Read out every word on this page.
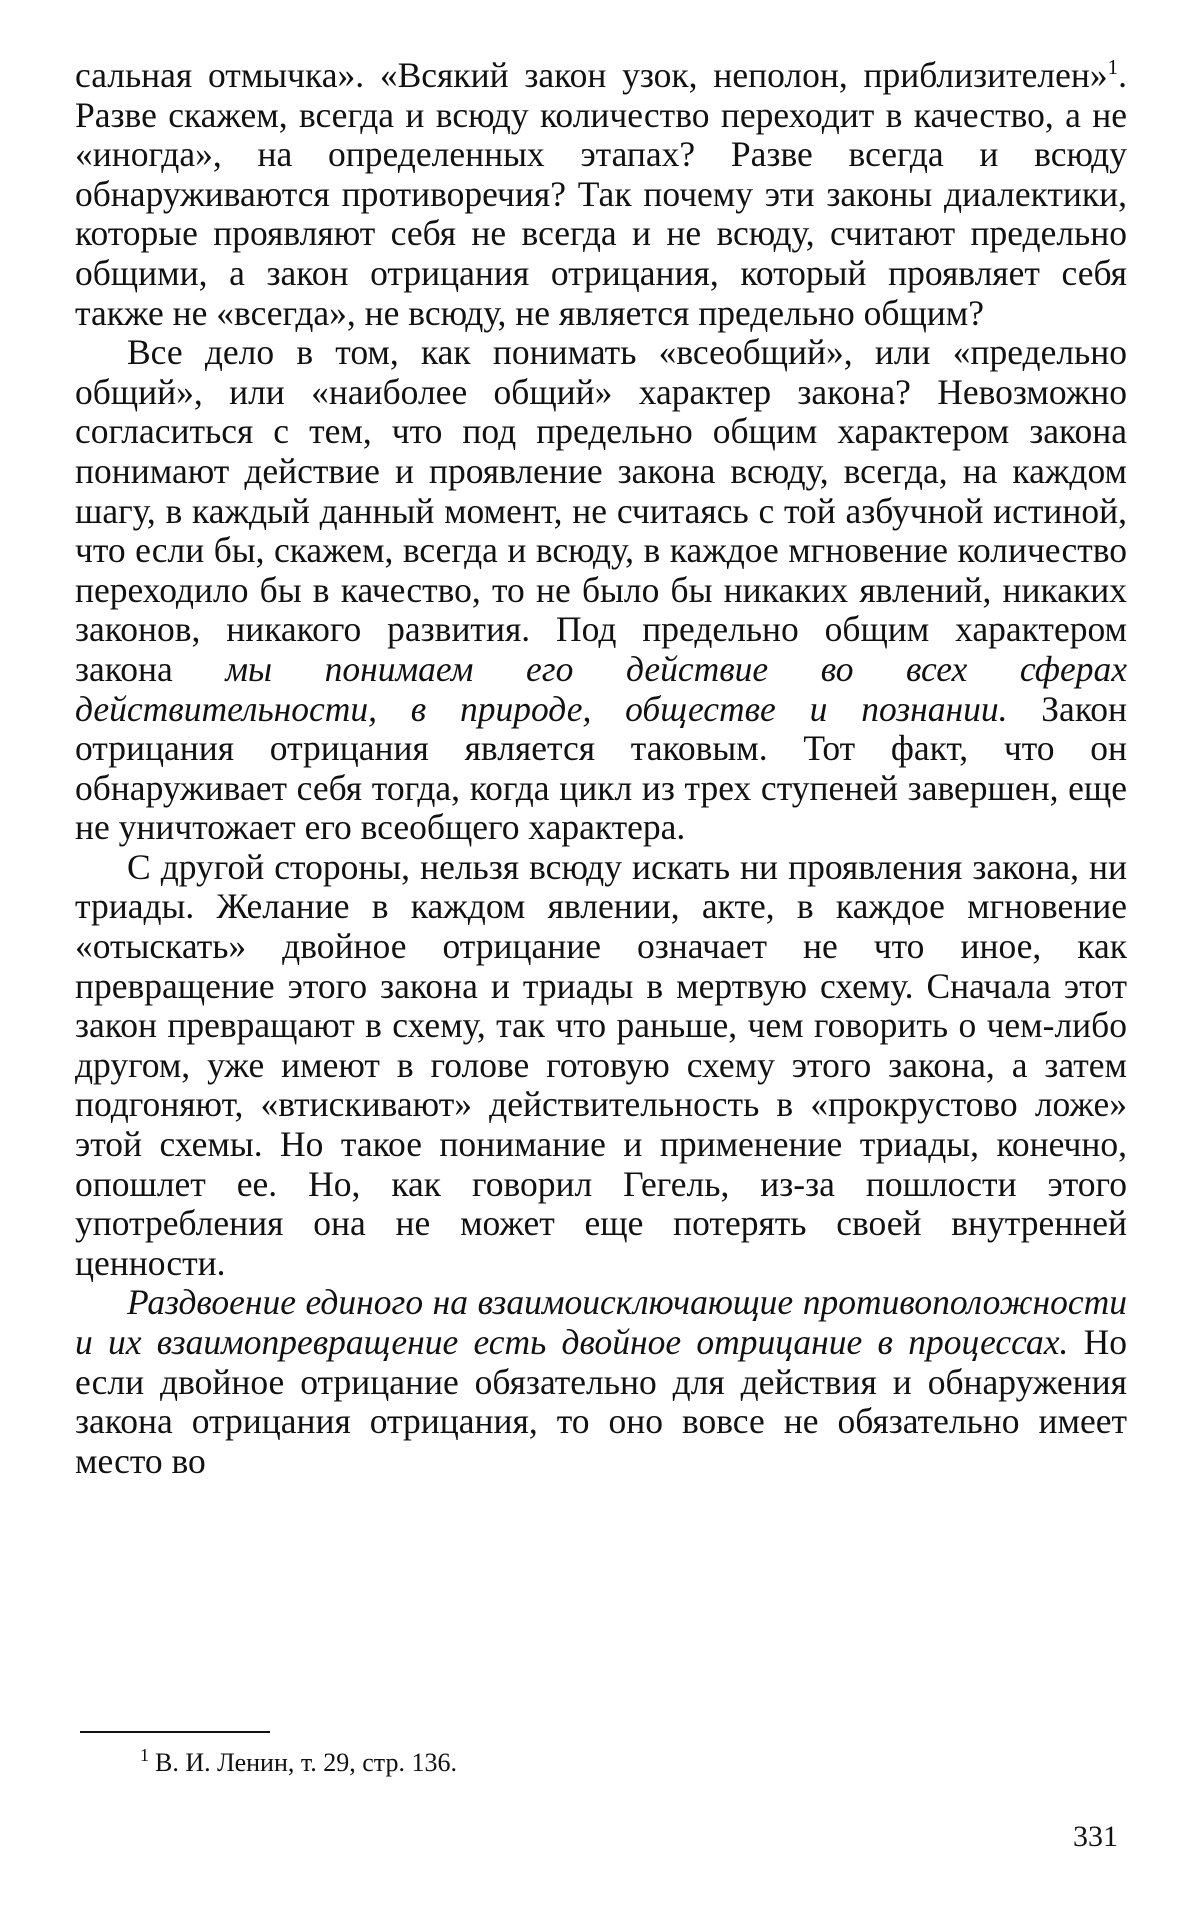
сальная отмычка». «Всякий закон узок, неполон, приблизителен»$^1$. Разве скажем, всегда и всюду количество переходит в качество, а не «иногда», на определенных этапах? Разве всегда и всюду обнаруживаются противоречия? Так почему эти законы диалектики, которые проявляют себя не всегда и не всюду, считают предельно общими, а закон отрицания отрицания, который проявляет себя также не «всегда», не всюду, не является предельно общим?

Все дело в том, как понимать «всеобщий», или «предельно общий», или «наиболее общий» характер закона? Невозможно согласиться с тем, что под предельно общим характером закона понимают действие и проявление закона всюду, всегда, на каждом шагу, в каждый данный момент, не считаясь с той азбучной истиной, что если бы, скажем, всегда и всюду, в каждое мгновение количество переходило бы в качество, то не было бы никаких явлений, никаких законов, никакого развития. Под предельно общим характером закона мы понимаем его действие во всех сферах действительности, в природе, обществе и познании. Закон отрицания отрицания является таковым. Тот факт, что он обнаруживает себя тогда, когда цикл из трех ступеней завершен, еще не уничтожает его всеобщего характера.

С другой стороны, нельзя всюду искать ни проявления закона, ни триады. Желание в каждом явлении, акте, в каждое мгновение «отыскать» двойное отрицание означает не что иное, как превращение этого закона и триады в мертвую схему. Сначала этот закон превращают в схему, так что раньше, чем говорить о чем-либо другом, уже имеют в голове готовую схему этого закона, а затем подгоняют, «втискивают» действительность в «прокрустово ложе» этой схемы. Но такое понимание и применение триады, конечно, опошлет ее. Но, как говорил Гегель, из-за пошлости этого употребления она не может еще потерять своей внутренней ценности.

Раздвоение единого на взаимоисключающие противоположности и их взаимопревращение есть двойное отрицание в процессах. Но если двойное отрицание обязательно для действия и обнаружения закона отрицания отрицания, то оно вовсе не обязательно имеет место во

$^1$ В. И. Ленин, т. 29, стр. 136.
331
